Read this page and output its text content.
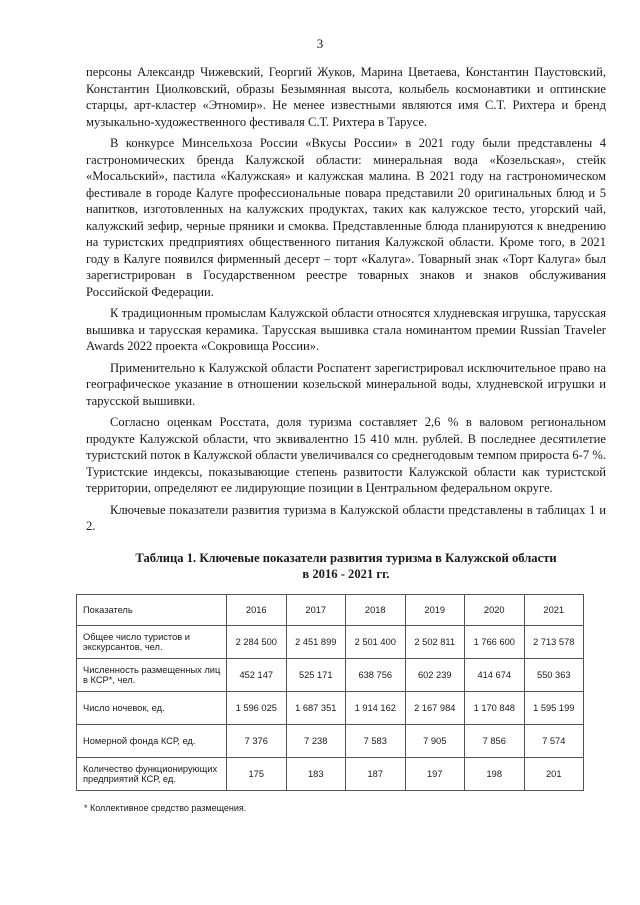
3

персоны Александр Чижевский, Георгий Жуков, Марина Цветаева, Константин Паустовский, Константин Циолковский, образы Безымянная высота, колыбель космонавтики и оптинские старцы, арт-кластер «Этномир». Не менее известными являются имя С.Т. Рихтера и бренд музыкально-художественного фестиваля С.Т. Рихтера в Тарусе.

В конкурсе Минсельхоза России «Вкусы России» в 2021 году были представлены 4 гастрономических бренда Калужской области: минеральная вода «Козельская», стейк «Мосальский», пастила «Калужская» и калужская малина. В 2021 году на гастрономическом фестивале в городе Калуге профессиональные повара представили 20 оригинальных блюд и 5 напитков, изготовленных на калужских продуктах, таких как калужское тесто, угорский чай, калужский зефир, черные пряники и смоква. Представленные блюда планируются к внедрению на туристских предприятиях общественного питания Калужской области. Кроме того, в 2021 году в Калуге появился фирменный десерт – торт «Калуга». Товарный знак «Торт Калуга» был зарегистрирован в Государственном реестре товарных знаков и знаков обслуживания Российской Федерации.

К традиционным промыслам Калужской области относятся хлудневская игрушка, тарусская вышивка и тарусская керамика. Тарусская вышивка стала номинантом премии Russian Traveler Awards 2022 проекта «Сокровища России».

Применительно к Калужской области Роспатент зарегистрировал исключительное право на географическое указание в отношении козельской минеральной воды, хлудневской игрушки и тарусской вышивки.

Согласно оценкам Росстата, доля туризма составляет 2,6 % в валовом региональном продукте Калужской области, что эквивалентно 15 410 млн. рублей. В последнее десятилетие туристский поток в Калужской области увеличивался со среднегодовым темпом прироста 6-7 %. Туристские индексы, показывающие степень развитости Калужской области как туристской территории, определяют ее лидирующие позиции в Центральном федеральном округе.

Ключевые показатели развития туризма в Калужской области представлены в таблицах 1 и 2.

Таблица 1. Ключевые показатели развития туризма в Калужской области
в 2016 - 2021 гг.
Показатель	2016	2017	2018	2019	2020	2021
Общее число туристов и экскурсантов, чел.	2 284 500	2 451 899	2 501 400	2 502 811	1 766 600	2 713 578
Численность размещенных лиц в КСР*, чел.	452 147	525 171	638 756	602 239	414 674	550 363
Число ночевок, ед.	1 596 025	1 687 351	1 914 162	2 167 984	1 170 848	1 595 199
Номерной фонда КСР, ед.	7 376	7 238	7 583	7 905	7 856	7 574
Количество функционирующих предприятий КСР, ед.	175	183	187	197	198	201
* Коллективное средство размещения.
